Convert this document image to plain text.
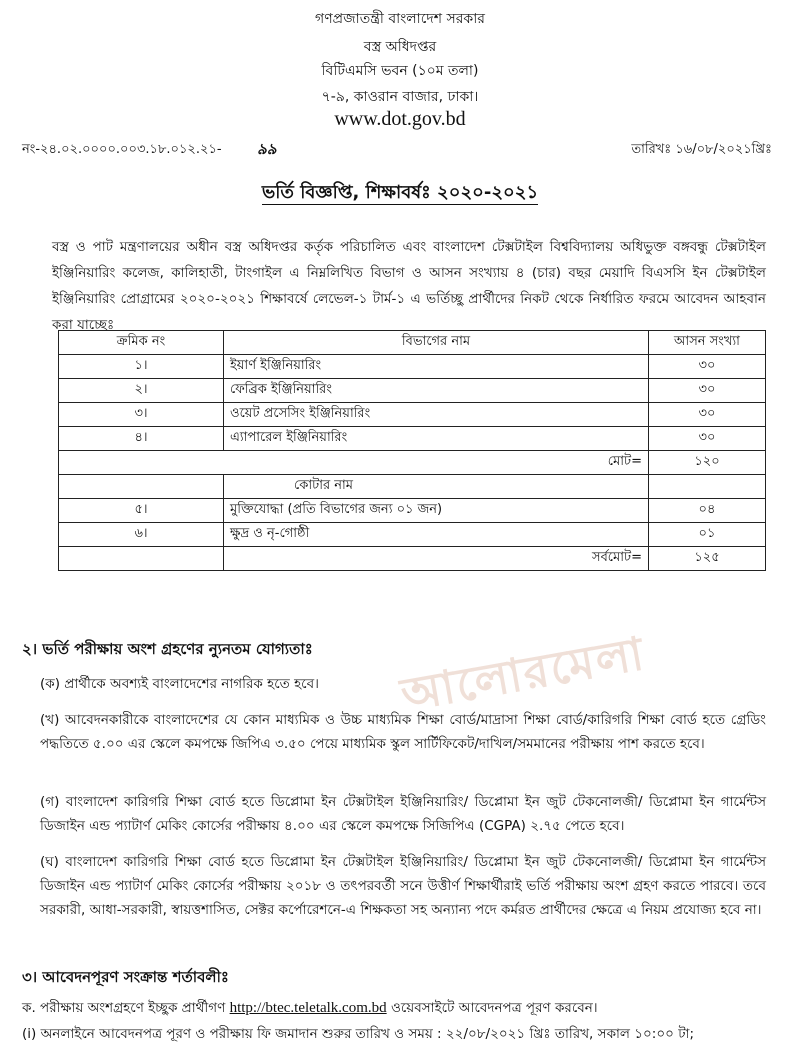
গণপ্রজাতন্ত্রী বাংলাদেশ সরকার
বস্ত্র অধিদপ্তর
বিটিএমসি ভবন (১০ম তলা)
৭-৯, কাওরান বাজার, ঢাকা।
www.dot.gov.bd
নং-২৪.০২.০০০০.০০৩.১৮.০১২.২১- ৯৯	তারিখঃ ১৬/০৮/২০২১খ্রিঃ
ভর্তি বিজ্ঞপ্তি, শিক্ষাবর্ষঃ ২০২০-২০২১
বস্ত্র ও পাট মন্ত্রণালয়ের অধীন বস্ত্র অধিদপ্তর কর্তৃক পরিচালিত এবং বাংলাদেশ টেক্সটাইল বিশ্ববিদ্যালয় অধিভুক্ত বঙ্গবন্ধু টেক্সটাইল ইঞ্জিনিয়ারিং কলেজ, কালিহাতী, টাংগাইল এ নিম্নলিখিত বিভাগ ও আসন সংখ্যায় ৪ (চার) বছর মেয়াদি বিএসসি ইন টেক্সটাইল ইঞ্জিনিয়ারিং প্রোগ্রামের ২০২০-২০২১ শিক্ষাবর্ষে লেভেল-১ টার্ম-১ এ ভর্তিচ্ছু প্রার্থীদের নিকট থেকে নির্ধারিত ফরমে আবেদন আহবান করা যাচ্ছেঃ
ক্রমিক নং	বিভাগের নাম	আসন সংখ্যা
১।	ইয়ার্ণ ইঞ্জিনিয়ারিং	৩০
২।	ফেব্রিক ইঞ্জিনিয়ারিং	৩০
৩।	ওয়েট প্রসেসিং ইঞ্জিনিয়ারিং	৩০
৪।	এ্যাপারেল ইঞ্জিনিয়ারিং	৩০
মোট=		১২০
	কোটার নাম	
৫।	মুক্তিযোদ্ধা (প্রতি বিভাগের জন্য ০১ জন)	০৪
৬।	ক্ষুদ্র ও নৃ-গোষ্ঠী	০১
	সর্বমোট=	১২৫
আলোরমেলা
২। ভর্তি পরীক্ষায় অংশ গ্রহণের ন্যুনতম যোগ্যতাঃ
(ক) প্রার্থীকে অবশ্যই বাংলাদেশের নাগরিক হতে হবে।
(খ) আবেদনকারীকে বাংলাদেশের যে কোন মাধ্যমিক ও উচ্চ মাধ্যমিক শিক্ষা বোর্ড/মাদ্রাসা শিক্ষা বোর্ড/কারিগরি শিক্ষা বোর্ড হতে গ্রেডিং পদ্ধতিতে ৫.০০ এর স্কেলে কমপক্ষে জিপিএ ৩.৫০ পেয়ে মাধ্যমিক স্কুল সার্টিফিকেট/দাখিল/সমমানের পরীক্ষায় পাশ করতে হবে।
(গ) বাংলাদেশ কারিগরি শিক্ষা বোর্ড হতে ডিপ্লোমা ইন টেক্সটাইল ইঞ্জিনিয়ারিং/ ডিপ্লোমা ইন জুট টেকনোলজী/ ডিপ্লোমা ইন গার্মেন্টস ডিজাইন এন্ড প্যাটার্ণ মেকিং কোর্সের পরীক্ষায় ৪.০০ এর স্কেলে কমপক্ষে সিজিপিএ (CGPA) ২.৭৫ পেতে হবে।
(ঘ) বাংলাদেশ কারিগরি শিক্ষা বোর্ড হতে ডিপ্লোমা ইন টেক্সটাইল ইঞ্জিনিয়ারিং/ ডিপ্লোমা ইন জুট টেকনোলজী/ ডিপ্লোমা ইন গার্মেন্টস ডিজাইন এন্ড প্যাটার্ণ মেকিং কোর্সের পরীক্ষায় ২০১৮ ও তৎপরবর্তী সনে উত্তীর্ণ শিক্ষার্থীরাই ভর্তি পরীক্ষায় অংশ গ্রহণ করতে পারবে। তবে সরকারী, আধা-সরকারী, স্বায়ত্তশাসিত, সেক্টর কর্পোরেশনে-এ শিক্ষকতা সহ অন্যান্য পদে কর্মরত প্রার্থীদের ক্ষেত্রে এ নিয়ম প্রযোজ্য হবে না।
৩। আবেদনপূরণ সংক্রান্ত শর্তাবলীঃ
ক. পরীক্ষায় অংশগ্রহণে ইচ্ছুক প্রার্থীগণ http://btec.teletalk.com.bd ওয়েবসাইটে আবেদনপত্র পূরণ করবেন।
(i) অনলাইনে আবেদনপত্র পূরণ ও পরীক্ষায় ফি জমাদান শুরুর তারিখ ও সময় : ২২/০৮/২০২১ খ্রিঃ তারিখ, সকাল ১০:০০ টা;
